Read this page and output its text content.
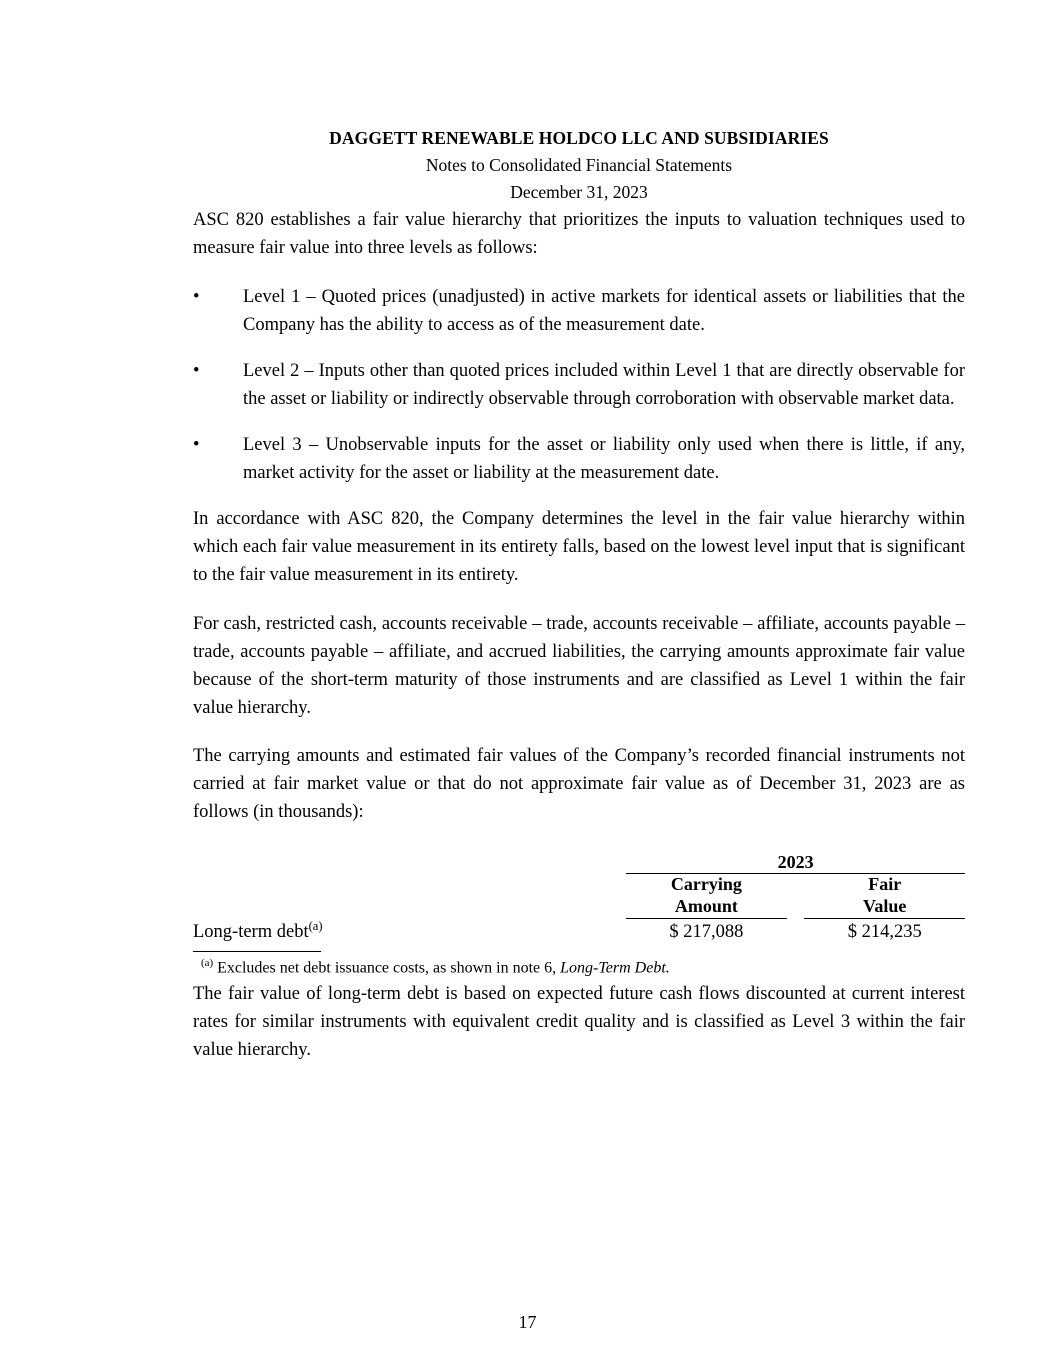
DAGGETT RENEWABLE HOLDCO LLC AND SUBSIDIARIES
Notes to Consolidated Financial Statements
December 31, 2023

ASC 820 establishes a fair value hierarchy that prioritizes the inputs to valuation techniques used to measure fair value into three levels as follows:

• Level 1 – Quoted prices (unadjusted) in active markets for identical assets or liabilities that the Company has the ability to access as of the measurement date.
• Level 2 – Inputs other than quoted prices included within Level 1 that are directly observable for the asset or liability or indirectly observable through corroboration with observable market data.
• Level 3 – Unobservable inputs for the asset or liability only used when there is little, if any, market activity for the asset or liability at the measurement date.

In accordance with ASC 820, the Company determines the level in the fair value hierarchy within which each fair value measurement in its entirety falls, based on the lowest level input that is significant to the fair value measurement in its entirety.

For cash, restricted cash, accounts receivable – trade, accounts receivable – affiliate, accounts payable – trade, accounts payable – affiliate, and accrued liabilities, the carrying amounts approximate fair value because of the short-term maturity of those instruments and are classified as Level 1 within the fair value hierarchy.

The carrying amounts and estimated fair values of the Company’s recorded financial instruments not carried at fair market value or that do not approximate fair value as of December 31, 2023 are as follows (in thousands):

	2023		

Carrying
Amount

Fair
Value

Long-term debt$^{(a)}$	$ 217,088		$ 214,235

$^{(a)}$ Excludes net debt issuance costs, as shown in note 6, Long-Term Debt.

The fair value of long-term debt is based on expected future cash flows discounted at current interest rates for similar instruments with equivalent credit quality and is classified as Level 3 within the fair value hierarchy.

17
